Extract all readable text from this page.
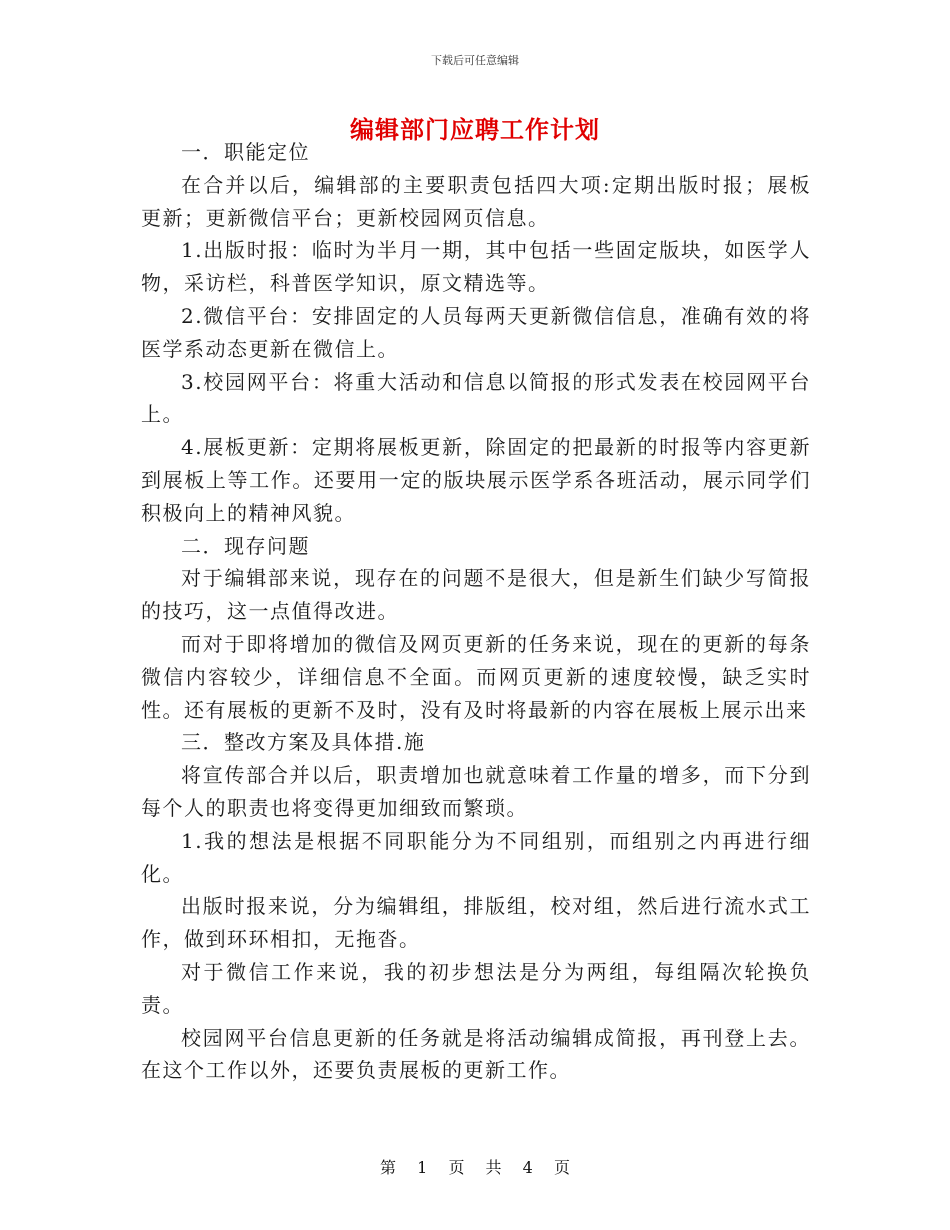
下载后可任意编辑
编辑部门应聘工作计划

一．职能定位

在合并以后，编辑部的主要职责包括四大项:定期出版时报；展板更新；更新微信平台；更新校园网页信息。

1.出版时报：临时为半月一期，其中包括一些固定版块，如医学人物，采访栏，科普医学知识，原文精选等。

2.微信平台：安排固定的人员每两天更新微信信息，准确有效的将医学系动态更新在微信上。

3.校园网平台：将重大活动和信息以简报的形式发表在校园网平台上。

4.展板更新：定期将展板更新，除固定的把最新的时报等内容更新到展板上等工作。还要用一定的版块展示医学系各班活动，展示同学们积极向上的精神风貌。

二．现存问题

对于编辑部来说，现存在的问题不是很大，但是新生们缺少写简报的技巧，这一点值得改进。

而对于即将增加的微信及网页更新的任务来说，现在的更新的每条微信内容较少，详细信息不全面。而网页更新的速度较慢，缺乏实时性。还有展板的更新不及时，没有及时将最新的内容在展板上展示出来

三．整改方案及具体措.施

将宣传部合并以后，职责增加也就意味着工作量的增多，而下分到每个人的职责也将变得更加细致而繁琐。

1.我的想法是根据不同职能分为不同组别，而组别之内再进行细化。

出版时报来说，分为编辑组，排版组，校对组，然后进行流水式工作，做到环环相扣，无拖沓。

对于微信工作来说，我的初步想法是分为两组，每组隔次轮换负责。

校园网平台信息更新的任务就是将活动编辑成简报，再刊登上去。在这个工作以外，还要负责展板的更新工作。

第 1 页 共 4 页
